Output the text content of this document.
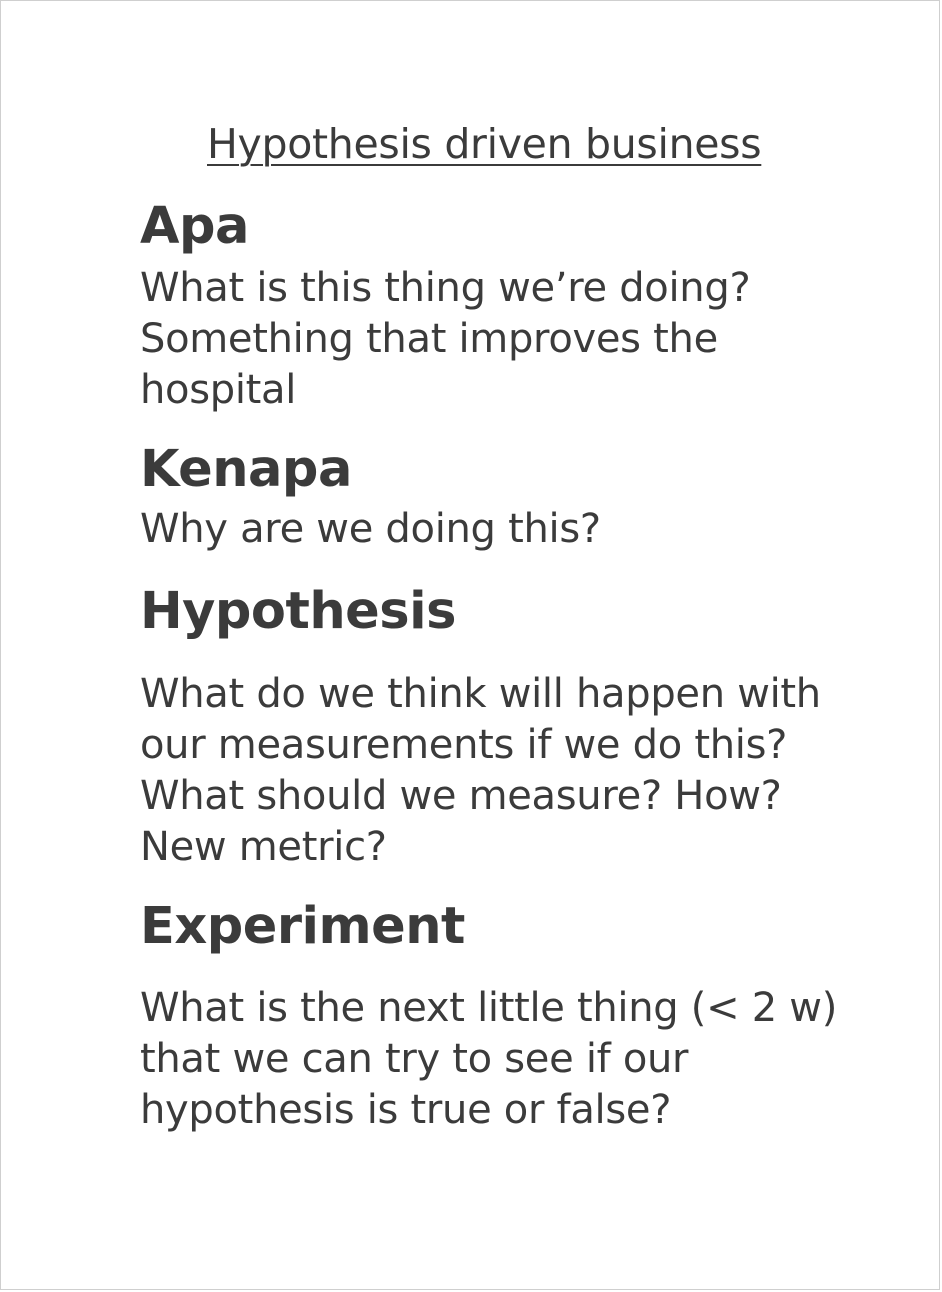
Hypothesis driven business
Apa

What is this thing we’re doing?
Something that improves the
hospital

Kenapa

Why are we doing this?

Hypothesis

What do we think will happen with
our measurements if we do this?
What should we measure? How?
New metric?

Experiment

What is the next little thing (< 2 w)
that we can try to see if our
hypothesis is true or false?
